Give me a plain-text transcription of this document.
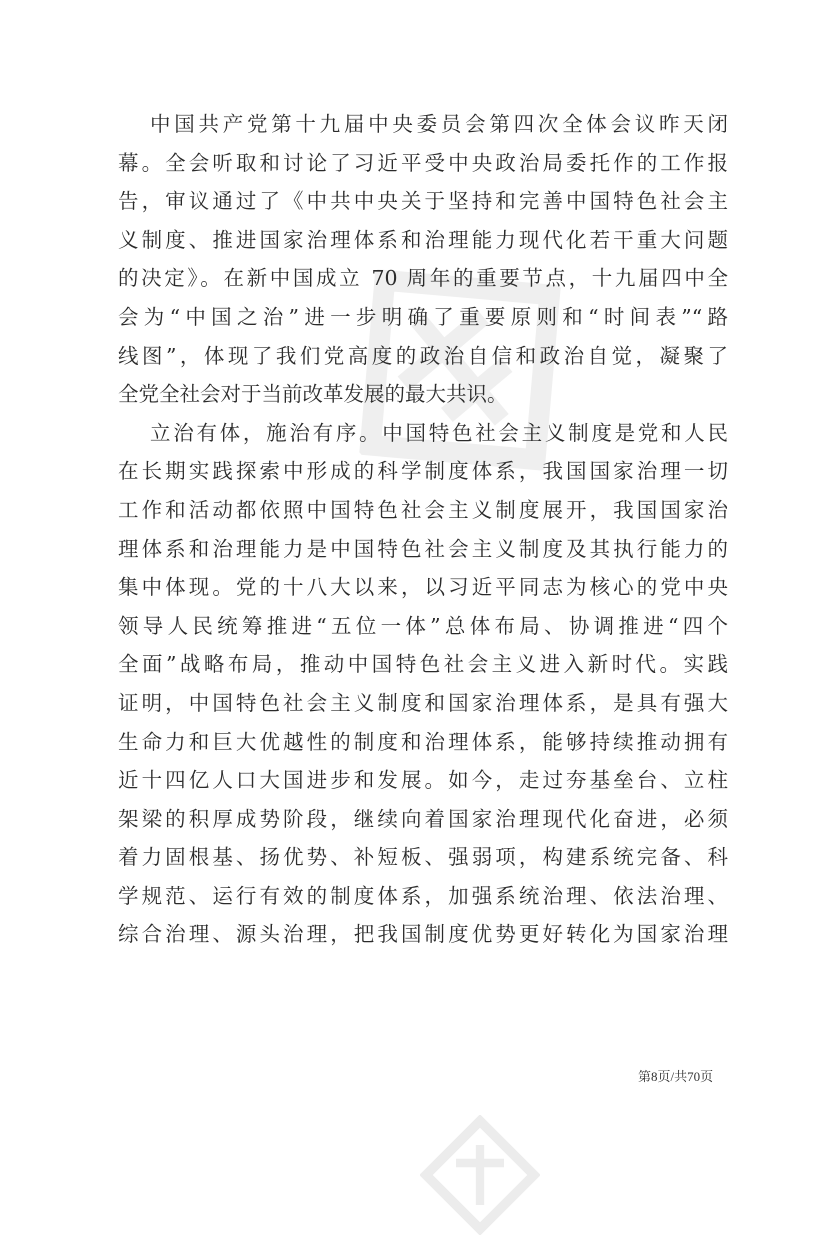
中国共产党第十九届中央委员会第四次全体会议昨天闭
幕。全会听取和讨论了习近平受中央政治局委托作的工作报
告，审议通过了《中共中央关于坚持和完善中国特色社会主
义制度、推进国家治理体系和治理能力现代化若干重大问题
的决定》。在新中国成立 70 周年的重要节点，十九届四中全
会为“中国之治”进一步明确了重要原则和“时间表”“路
线图”，体现了我们党高度的政治自信和政治自觉，凝聚了
全党全社会对于当前改革发展的最大共识。
立治有体，施治有序。中国特色社会主义制度是党和人民
在长期实践探索中形成的科学制度体系，我国国家治理一切
工作和活动都依照中国特色社会主义制度展开，我国国家治
理体系和治理能力是中国特色社会主义制度及其执行能力的
集中体现。党的十八大以来，以习近平同志为核心的党中央
领导人民统筹推进“五位一体”总体布局、协调推进“四个
全面”战略布局，推动中国特色社会主义进入新时代。实践
证明，中国特色社会主义制度和国家治理体系，是具有强大
生命力和巨大优越性的制度和治理体系，能够持续推动拥有
近十四亿人口大国进步和发展。如今，走过夯基垒台、立柱
架梁的积厚成势阶段，继续向着国家治理现代化奋进，必须
着力固根基、扬优势、补短板、强弱项，构建系统完备、科
学规范、运行有效的制度体系，加强系统治理、依法治理、
综合治理、源头治理，把我国制度优势更好转化为国家治理
第8页/共70页
